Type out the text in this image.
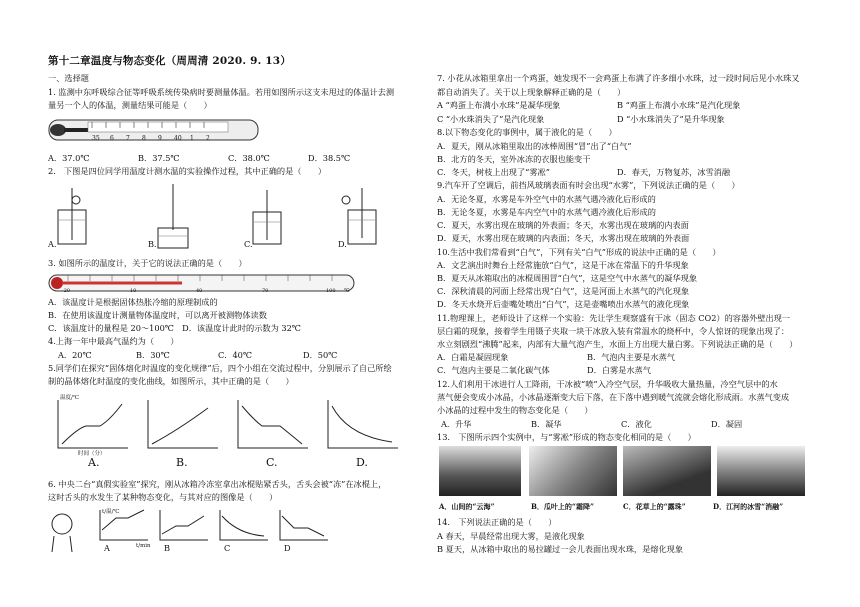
第十二章温度与物态变化（周周清 2020. 9. 13）
一、选择题
1. 监测中东呼吸综合征等呼吸系统传染病时要测量体温。若用如图所示这支未甩过的体温计去测
量另一个人的体温，测量结果可能是（　　）
35 6 7 8 9 40 1 2
A．37.0℃	B．37.5℃	C．38.0℃	D．38.5℃
2.　下图是四位同学用温度计测水温的实验操作过程，其中正确的是（　　）
A.	B．	C.	D.
3. 如图所示的温度计，关于它的说法正确的是（　　）
-20	10	40	70	100 ℃
A．该温度计是根据固体热胀冷缩的原理制成的
B．在使用该温度计测量物体温度时，可以离开被测物体读数
C．该温度计的量程是 20～100℃　D．该温度计此时的示数为 32℃
4.上海一年中最高气温约为（　　）
A．20℃	B．30℃	C．40℃	D．50℃
5.同学们在探究“固体熔化时温度的变化规律”后，四个小组在交流过程中，分别展示了自己所绘
制的晶体熔化时温度的变化曲线，如图所示，其中正确的是（　　）
温度/℃
时间（分）
A.	B.	C.	D.
6. 中央二台“真假实验室”探究，刚从冰箱冷冻室拿出冰棍贴紧舌头，舌头会被“冻”在冰棍上，
这时舌头的水发生了某种物态变化，与其对应的图像是（　　）
t/温/℃
t/min
A	B	C	D
7. 小花从冰箱里拿出一个鸡蛋，她发现不一会鸡蛋上布满了许多细小水珠，过一段时间后见小水珠又
都自动消失了。关于以上现象解释正确的是（　　）
A “鸡蛋上布满小水珠”是凝华现象	B “鸡蛋上布满小水珠”是汽化现象
C “小水珠消失了”是汽化现象	D “小水珠消失了”是升华现象
8.以下物态变化的事例中，属于液化的是（　　）
A．夏天，刚从冰箱里取出的冰棒周围“冒”出了“白气”
B．北方的冬天，室外冰冻的衣服也能变干
C．冬天，树枝上出现了“雾凇”	D．春天，万物复苏，冰雪消融
9.汽车开了空调后，前挡风玻璃表面有时会出现“水雾”，下列说法正确的是（　　）
A．无论冬夏，水雾是车外空气中的水蒸气遇冷液化后形成的
B．无论冬夏，水雾是车内空气中的水蒸气遇冷液化后形成的
C．夏天，水雾出现在玻璃的外表面；冬天，水雾出现在玻璃的内表面
D．夏天，水雾出现在玻璃的内表面；冬天，水雾出现在玻璃的外表面
10.生活中我们常看到“白气”，下列有关“白气”形成的说法中正确的是（　　）
A．文艺演出时舞台上经常施放“白气”，这是干冰在常温下的升华现象
B．夏天从冰箱取出的冰棍周围冒“白气”，这是空气中水蒸气的凝华现象
C．深秋清晨的河面上经常出现“白气”，这是河面上水蒸气的汽化现象
D．冬天水烧开后壶嘴处喷出“白气”，这是壶嘴喷出水蒸气的液化现象
11.物理课上，老师设计了这样一个实验：先让学生观察盛有干冰（固态 CO2）的容器外壁出现一
层白霜的现象，接着学生用镊子夹取一块干冰放入装有常温水的烧杯中，令人惊讶的现象出现了：
水立刻剧烈“沸腾”起来，内部有大量气泡产生，水面上方出现大量白雾。下列说法正确的是（　　）
A．白霜是凝固现象	B．气泡内主要是水蒸气
C．气泡内主要是二氧化碳气体	D．白雾是水蒸气
12.人们利用干冰进行人工降雨，干冰被“喷”入冷空气层，升华吸收大量热量，冷空气层中的水
蒸气便会变成小冰晶，小冰晶逐渐变大后下落，在下落中遇到暖气流就会熔化形成雨。水蒸气变成
小冰晶的过程中发生的物态变化是（　　）
A．升华	B．凝华	C．液化	D．凝固
13.　下图所示四个实例中，与“雾凇”形成的物态变化相同的是（　　）
A．山间的“云海”	B．瓜叶上的“霜降”	C．花草上的“露珠”	D．江河的冰雪“消融”
14.　下列说法正确的是（　　）
A 春天，早晨经常出现大雾，是液化现象
B 夏天，从冰箱中取出的易拉罐过一会儿表面出现水珠，是熔化现象
